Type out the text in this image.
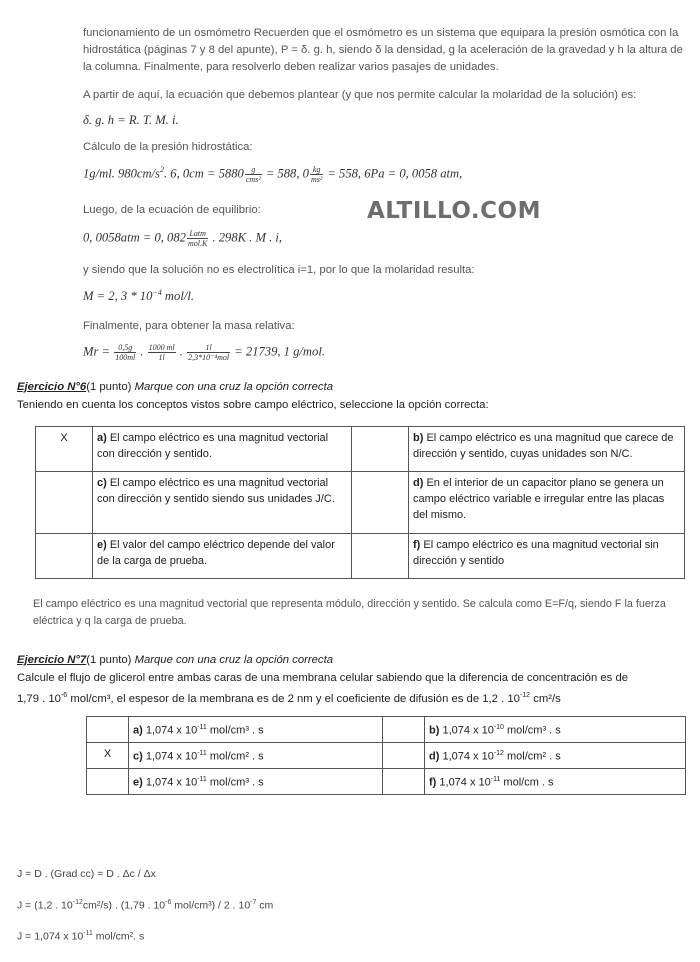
funcionamiento de un osmómetro Recuerden que el osmómetro es un sistema que equipara la presión osmótica con la hidrostática (páginas 7 y 8 del apunte), P = δ. g. h, siendo δ la densidad, g la aceleración de la gravedad y h la altura de la columna. Finalmente, para resolverlo deben realizar varios pasajes de unidades.
A partir de aquí, la ecuación que debemos plantear (y que nos permite calcular la molaridad de la solución) es:
δ. g. h = R. T. M. i.
Cálculo de la presión hidrostática:
1g/ml. $980cm/s^2$. 6, $0cm = 5880 \frac{g}{\text{cms²}} = 588$, $0 \frac{kg}{\text{ms²}} = 558$, 6Pa = 0, 0058 atm,
Luego, de la ecuación de equilibrio:	ALTILLO.COM
0, 0058atm = 0, $082 \frac{\text{Latm}}{\text{mol.K}}$ . 298K . M . i,
y siendo que la solución no es electrolítica i=1, por lo que la molaridad resulta:
M = 2, $3 * 10^{-4}$ mol/l.
Finalmente, para obtener la masa relativa:
$Mr = \frac{0,5g}{100ml}$ . $\frac{1000 ml}{1l}$ . $\frac{1l}{\text{2,3*10⁻⁴mol}} = 21739$, 1 g/mol.
Ejercicio N°6(1 punto) Marque con una cruz la opción correcta
Teniendo en cuenta los conceptos vistos sobre campo eléctrico, seleccione la opción correcta:
X	a) El campo eléctrico es una magnitud vectorial con dirección y sentido.		b) El campo eléctrico es una magnitud que carece de dirección y sentido, cuyas unidades son N/C.
	c) El campo eléctrico es una magnitud vectorial con dirección y sentido siendo sus unidades J/C.		d) En el interior de un capacitor plano se genera un campo eléctrico variable e irregular entre las placas del mismo.
	e) El valor del campo eléctrico depende del valor de la carga de prueba.		f) El campo eléctrico es una magnitud vectorial sin dirección y sentido
El campo eléctrico es una magnitud vectorial que representa módulo, dirección y sentido. Se calcula como E=F/q, siendo F la fuerza eléctrica y q la carga de prueba.
Ejercicio N°7(1 punto) Marque con una cruz la opción correcta
Calcule el flujo de glicerol entre ambas caras de una membrana celular sabiendo que la diferencia de concentración es de
1,79 . $10^{-6}$ mol/cm³, el espesor de la membrana es de 2 nm y el coeficiente de difusión es de 1,2 . $10^{-12}$ cm²/s
	a) 1,074 x $10^{-11}$ mol/cm³ . s		b) 1,074 x $10^{-10}$ mol/cm³ . s
X	c) 1,074 x $10^{-11}$ mol/cm² . s		d) 1,074 x $10^{-12}$ mol/cm² . s
	e) 1,074 x $10^{-11}$ mol/cm³ . s		f) 1,074 x $10^{-11}$ mol/cm . s
J = D . (Grad cc) = D . Δc / Δx
J = (1,2 . $10^{-12}cm^2/s$) . (1,79 . $10^{-6}$ mol/cm³) / 2 . $10^{-7}$ cm
J = 1,074 x $10^{-11}$ mol/cm². s
